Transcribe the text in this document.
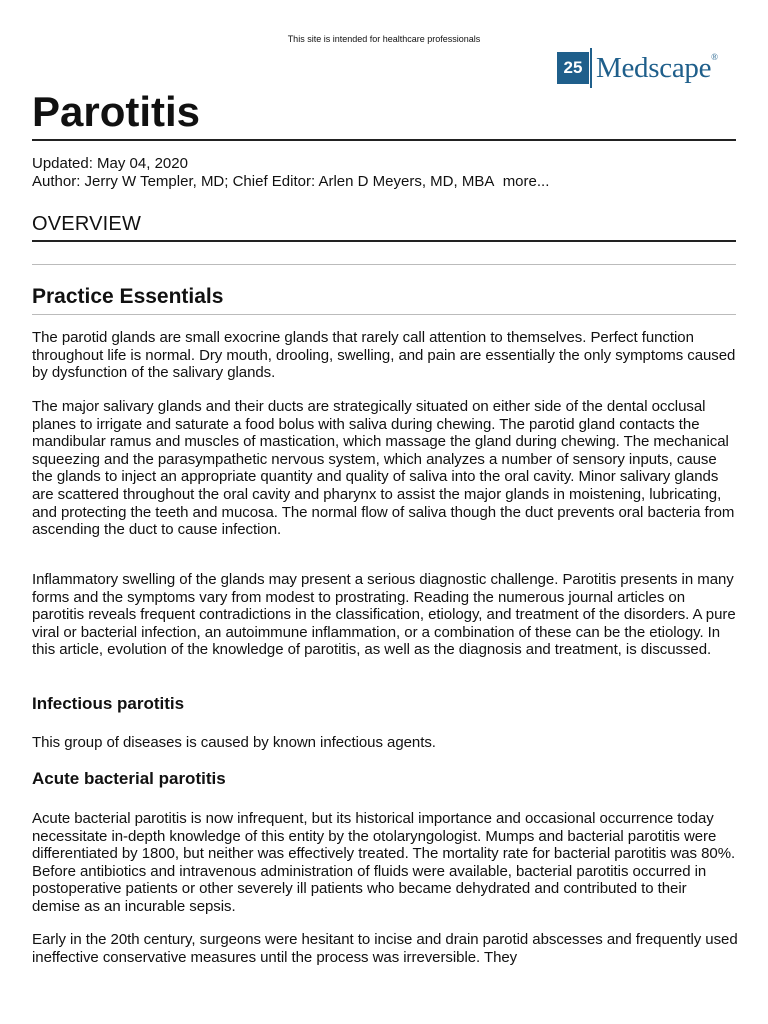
This site is intended for healthcare professionals
25 Medscape®
Parotitis
Updated: May 04, 2020
Author: Jerry W Templer, MD; Chief Editor: Arlen D Meyers, MD, MBA more...
OVERVIEW
Practice Essentials

The parotid glands are small exocrine glands that rarely call attention to themselves. Perfect function throughout life is normal. Dry mouth, drooling, swelling, and pain are essentially the only symptoms caused by dysfunction of the salivary glands.

The major salivary glands and their ducts are strategically situated on either side of the dental occlusal planes to irrigate and saturate a food bolus with saliva during chewing. The parotid gland contacts the mandibular ramus and muscles of mastication, which massage the gland during chewing. The mechanical squeezing and the parasympathetic nervous system, which analyzes a number of sensory inputs, cause the glands to inject an appropriate quantity and quality of saliva into the oral cavity. Minor salivary glands are scattered throughout the oral cavity and pharynx to assist the major glands in moistening, lubricating, and protecting the teeth and mucosa. The normal flow of saliva though the duct prevents oral bacteria from ascending the duct to cause infection.

Inflammatory swelling of the glands may present a serious diagnostic challenge. Parotitis presents in many forms and the symptoms vary from modest to prostrating. Reading the numerous journal articles on parotitis reveals frequent contradictions in the classification, etiology, and treatment of the disorders. A pure viral or bacterial infection, an autoimmune inflammation, or a combination of these can be the etiology. In this article, evolution of the knowledge of parotitis, as well as the diagnosis and treatment, is discussed.

Infectious parotitis

This group of diseases is caused by known infectious agents.

Acute bacterial parotitis

Acute bacterial parotitis is now infrequent, but its historical importance and occasional occurrence today necessitate in-depth knowledge of this entity by the otolaryngologist. Mumps and bacterial parotitis were differentiated by 1800, but neither was effectively treated. The mortality rate for bacterial parotitis was 80%. Before antibiotics and intravenous administration of fluids were available, bacterial parotitis occurred in postoperative patients or other severely ill patients who became dehydrated and contributed to their demise as an incurable sepsis.

Early in the 20th century, surgeons were hesitant to incise and drain parotid abscesses and frequently used ineffective conservative measures until the process was irreversible. They
